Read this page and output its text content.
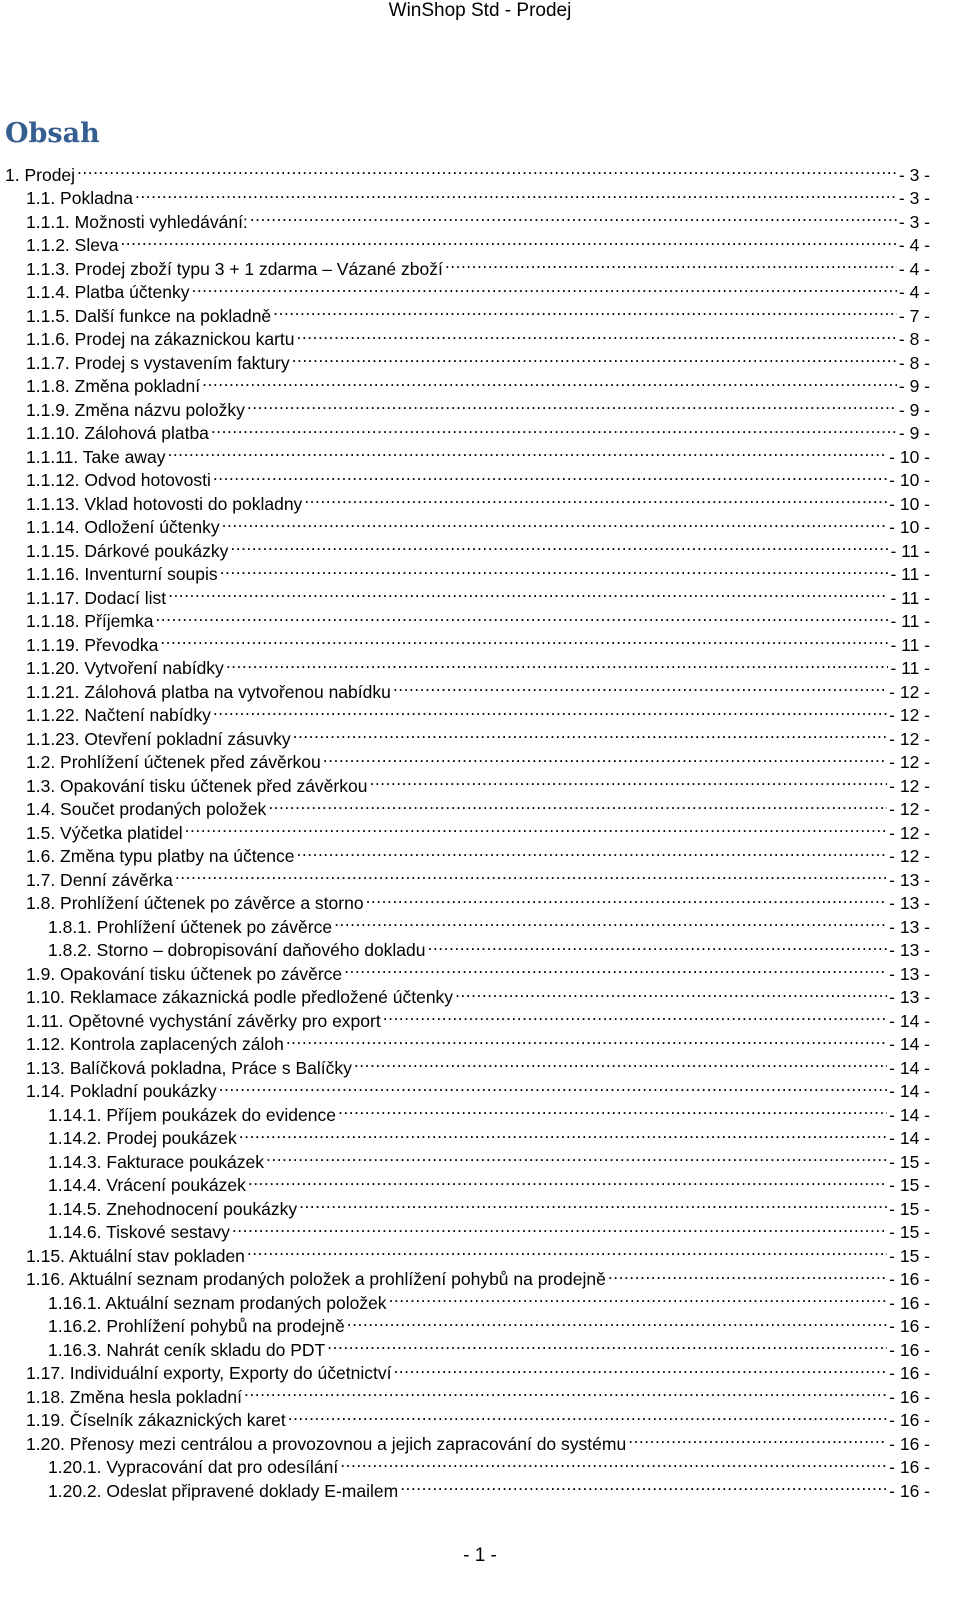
WinShop Std - Prodej
Obsah
1. Prodej .....	- 3 -
1.1. Pokladna .....	- 3 -
1.1.1. Možnosti vyhledávání: .....	- 3 -
1.1.2. Sleva .....	- 4 -
1.1.3. Prodej zboží typu 3 + 1 zdarma – Vázané zboží .....	- 4 -
1.1.4. Platba účtenky .....	- 4 -
1.1.5. Další funkce na pokladně .....	- 7 -
1.1.6. Prodej na zákaznickou kartu .....	- 8 -
1.1.7. Prodej s vystavením faktury .....	- 8 -
1.1.8. Změna pokladní .....	- 9 -
1.1.9. Změna názvu položky .....	- 9 -
1.1.10. Zálohová platba .....	- 9 -
1.1.11. Take away .....	- 10 -
1.1.12. Odvod hotovosti .....	- 10 -
1.1.13. Vklad hotovosti do pokladny .....	- 10 -
1.1.14. Odložení účtenky .....	- 10 -
1.1.15. Dárkové poukázky .....	- 11 -
1.1.16. Inventurní soupis .....	- 11 -
1.1.17. Dodací list .....	- 11 -
1.1.18. Příjemka .....	- 11 -
1.1.19. Převodka .....	- 11 -
1.1.20. Vytvoření nabídky .....	- 11 -
1.1.21. Zálohová platba na vytvořenou nabídku .....	- 12 -
1.1.22. Načtení nabídky .....	- 12 -
1.1.23. Otevření pokladní zásuvky .....	- 12 -
1.2. Prohlížení účtenek před závěrkou .....	- 12 -
1.3. Opakování tisku účtenek před závěrkou .....	- 12 -
1.4. Součet prodaných položek .....	- 12 -
1.5. Výčetka platidel .....	- 12 -
1.6. Změna typu platby na účtence .....	- 12 -
1.7. Denní závěrka .....	- 13 -
1.8. Prohlížení účtenek po závěrce a storno .....	- 13 -
1.8.1. Prohlížení účtenek po závěrce .....	- 13 -
1.8.2. Storno – dobropisování daňového dokladu .....	- 13 -
1.9. Opakování tisku účtenek po závěrce .....	- 13 -
1.10. Reklamace zákaznická podle předložené účtenky .....	- 13 -
1.11. Opětovné vychystání závěrky pro export .....	- 14 -
1.12. Kontrola zaplacených záloh .....	- 14 -
1.13. Balíčková pokladna, Práce s Balíčky .....	- 14 -
1.14. Pokladní poukázky .....	- 14 -
1.14.1. Příjem poukázek do evidence .....	- 14 -
1.14.2. Prodej poukázek .....	- 14 -
1.14.3. Fakturace poukázek .....	- 15 -
1.14.4. Vrácení poukázek .....	- 15 -
1.14.5. Znehodnocení poukázky .....	- 15 -
1.14.6. Tiskové sestavy .....	- 15 -
1.15. Aktuální stav pokladen .....	- 15 -
1.16. Aktuální seznam prodaných položek a prohlížení pohybů na prodejně .....	- 16 -
1.16.1. Aktuální seznam prodaných položek .....	- 16 -
1.16.2. Prohlížení pohybů na prodejně .....	- 16 -
1.16.3. Nahrát ceník skladu do PDT .....	- 16 -
1.17. Individuální exporty, Exporty do účetnictví .....	- 16 -
1.18. Změna hesla pokladní .....	- 16 -
1.19. Číselník zákaznických karet .....	- 16 -
1.20. Přenosy mezi centrálou a provozovnou a jejich zapracování do systému .....	- 16 -
1.20.1. Vypracování dat pro odesílání .....	- 16 -
1.20.2. Odeslat připravené doklady E-mailem .....	- 16 -
- 1 -
